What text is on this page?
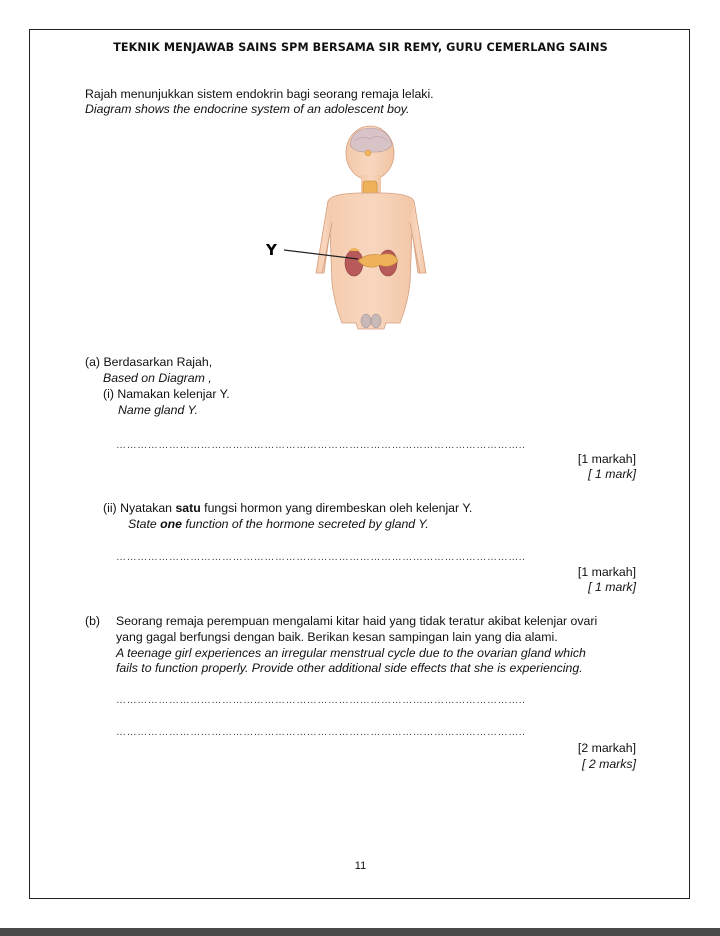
TEKNIK MENJAWAB SAINS SPM BERSAMA SIR REMY, GURU CEMERLANG SAINS
Rajah menunjukkan sistem endokrin bagi seorang remaja lelaki.
Diagram shows the endocrine system of an adolescent boy.
Y
(a) Berdasarkan Rajah,
Based on Diagram ,
(i) Namakan kelenjar Y.
Name gland Y.
……………………………………………………………………………………………………..
[1 markah]
[ 1 mark]
(ii) Nyatakan satu fungsi hormon yang dirembeskan oleh kelenjar Y.
State one function of the hormone secreted by gland Y.
……………………………………………………………………………………………………..
[1 markah]
[ 1 mark]
(b) Seorang remaja perempuan mengalami kitar haid yang tidak teratur akibat kelenjar ovari
yang gagal berfungsi dengan baik. Berikan kesan sampingan lain yang dia alami.
A teenage girl experiences an irregular menstrual cycle due to the ovarian gland which
fails to function properly. Provide other additional side effects that she is experiencing.
……………………………………………………………………………………………………..
……………………………………………………………………………………………………..
[2 markah]
[ 2 marks]
11
